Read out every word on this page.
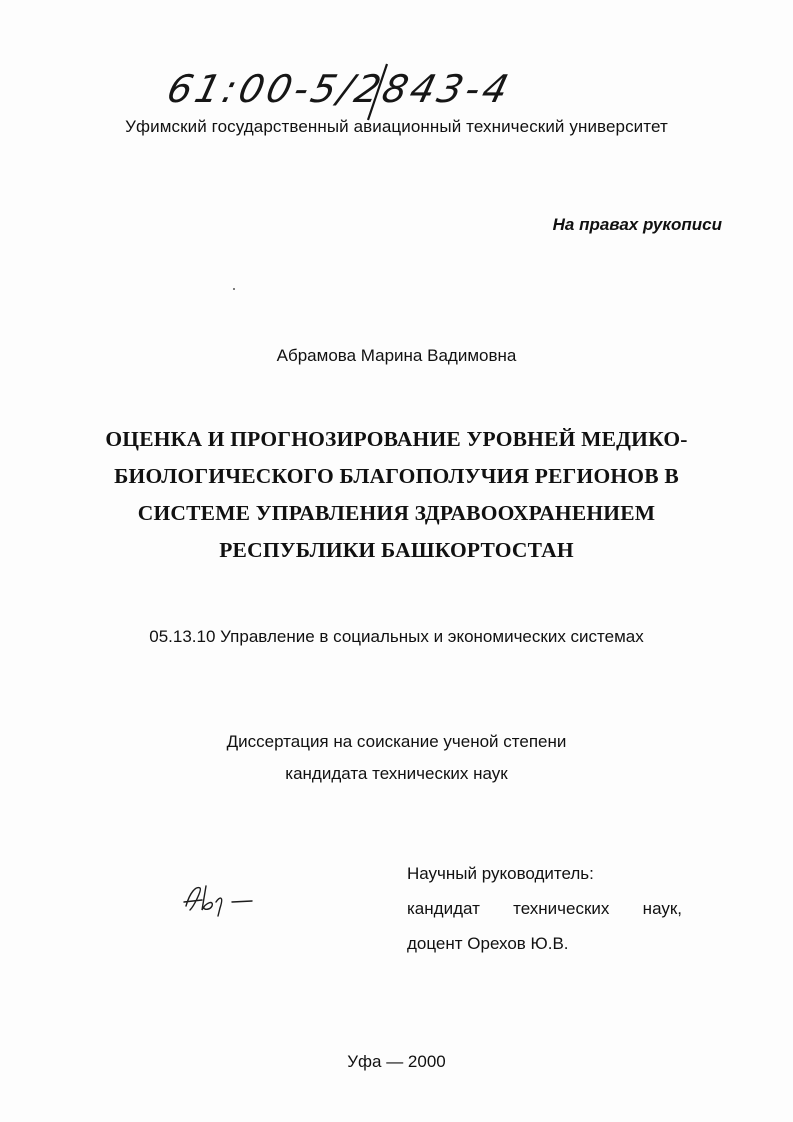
61:00-5/2843-4
Уфимский государственный авиационный технический университет
На правах рукописи
Абрамова Марина Вадимовна
ОЦЕНКА И ПРОГНОЗИРОВАНИЕ УРОВНЕЙ МЕДИКО-
БИОЛОГИЧЕСКОГО БЛАГОПОЛУЧИЯ РЕГИОНОВ В
СИСТЕМЕ УПРАВЛЕНИЯ ЗДРАВООХРАНЕНИЕМ
РЕСПУБЛИКИ БАШКОРТОСТАН
05.13.10 Управление в социальных и экономических системах
Диссертация на соискание ученой степени
кандидата технических наук
Абр-
Научный руководитель:
кандидат технических наук,
доцент Орехов Ю.В.
Уфа — 2000
